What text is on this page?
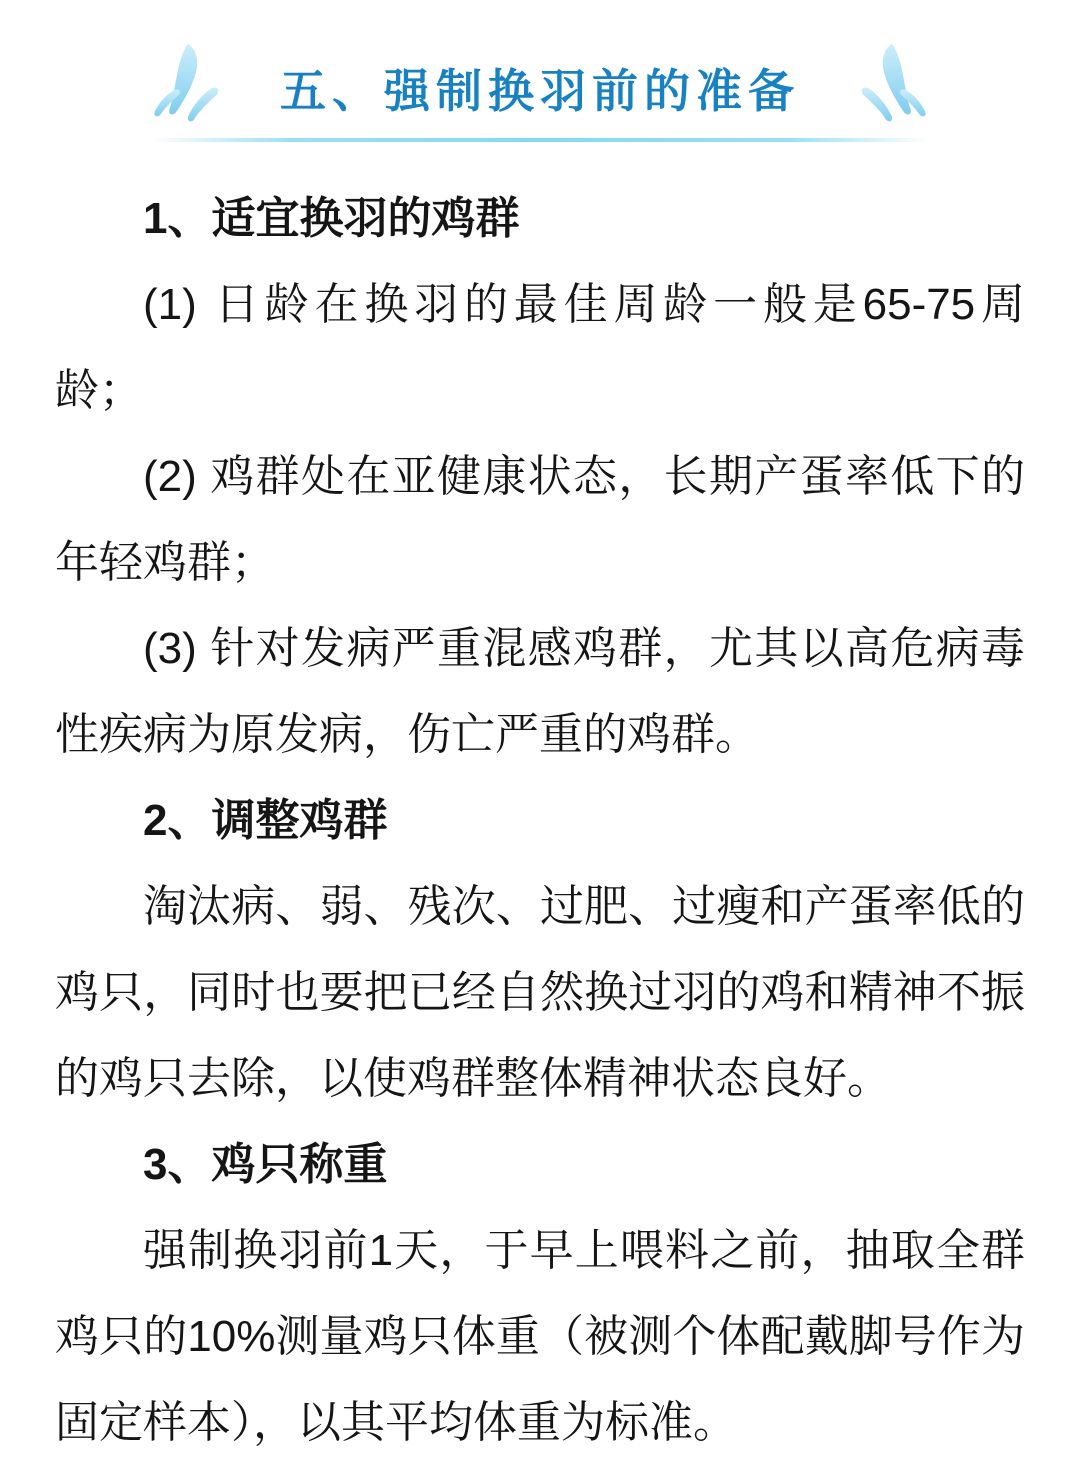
五、强制换羽前的准备
1、适宜换羽的鸡群

(1) 日龄在换羽的最佳周龄一般是65-75周龄；

(2) 鸡群处在亚健康状态，长期产蛋率低下的年轻鸡群；

(3) 针对发病严重混感鸡群，尤其以高危病毒性疾病为原发病，伤亡严重的鸡群。

2、调整鸡群

淘汰病、弱、残次、过肥、过瘦和产蛋率低的鸡只，同时也要把已经自然换过羽的鸡和精神不振的鸡只去除，以使鸡群整体精神状态良好。

3、鸡只称重

强制换羽前1天，于早上喂料之前，抽取全群鸡只的10%测量鸡只体重（被测个体配戴脚号作为固定样本），以其平均体重为标准。
